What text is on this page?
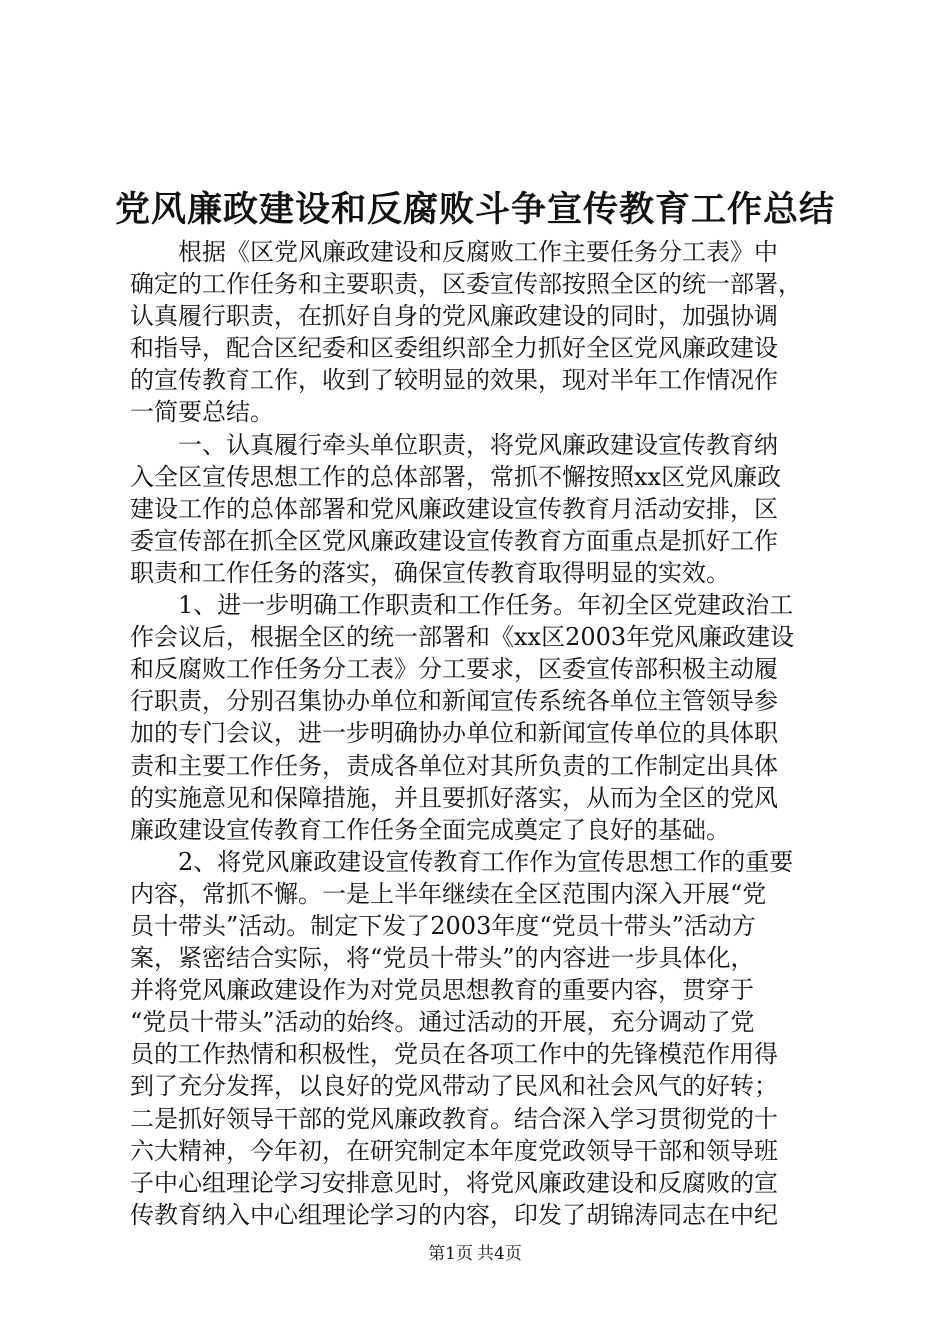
党风廉政建设和反腐败斗争宣传教育工作总结
根据《区党风廉政建设和反腐败工作主要任务分工表》中
确定的工作任务和主要职责，区委宣传部按照全区的统一部署，
认真履行职责，在抓好自身的党风廉政建设的同时，加强协调
和指导，配合区纪委和区委组织部全力抓好全区党风廉政建设
的宣传教育工作，收到了较明显的效果，现对半年工作情况作
一简要总结。
一、认真履行牵头单位职责，将党风廉政建设宣传教育纳
入全区宣传思想工作的总体部署，常抓不懈按照xx区党风廉政
建设工作的总体部署和党风廉政建设宣传教育月活动安排，区
委宣传部在抓全区党风廉政建设宣传教育方面重点是抓好工作
职责和工作任务的落实，确保宣传教育取得明显的实效。
1、进一步明确工作职责和工作任务。年初全区党建政治工
作会议后，根据全区的统一部署和《xx区2003年党风廉政建设
和反腐败工作任务分工表》分工要求，区委宣传部积极主动履
行职责，分别召集协办单位和新闻宣传系统各单位主管领导参
加的专门会议，进一步明确协办单位和新闻宣传单位的具体职
责和主要工作任务，责成各单位对其所负责的工作制定出具体
的实施意见和保障措施，并且要抓好落实，从而为全区的党风
廉政建设宣传教育工作任务全面完成奠定了良好的基础。
2、将党风廉政建设宣传教育工作作为宣传思想工作的重要
内容，常抓不懈。一是上半年继续在全区范围内深入开展“党
员十带头”活动。制定下发了2003年度“党员十带头”活动方
案，紧密结合实际，将“党员十带头”的内容进一步具体化，
并将党风廉政建设作为对党员思想教育的重要内容，贯穿于
“党员十带头”活动的始终。通过活动的开展，充分调动了党
员的工作热情和积极性，党员在各项工作中的先锋模范作用得
到了充分发挥，以良好的党风带动了民风和社会风气的好转；
二是抓好领导干部的党风廉政教育。结合深入学习贯彻党的十
六大精神，今年初，在研究制定本年度党政领导干部和领导班
子中心组理论学习安排意见时，将党风廉政建设和反腐败的宣
传教育纳入中心组理论学习的内容，印发了胡锦涛同志在中纪
第1页 共4页
